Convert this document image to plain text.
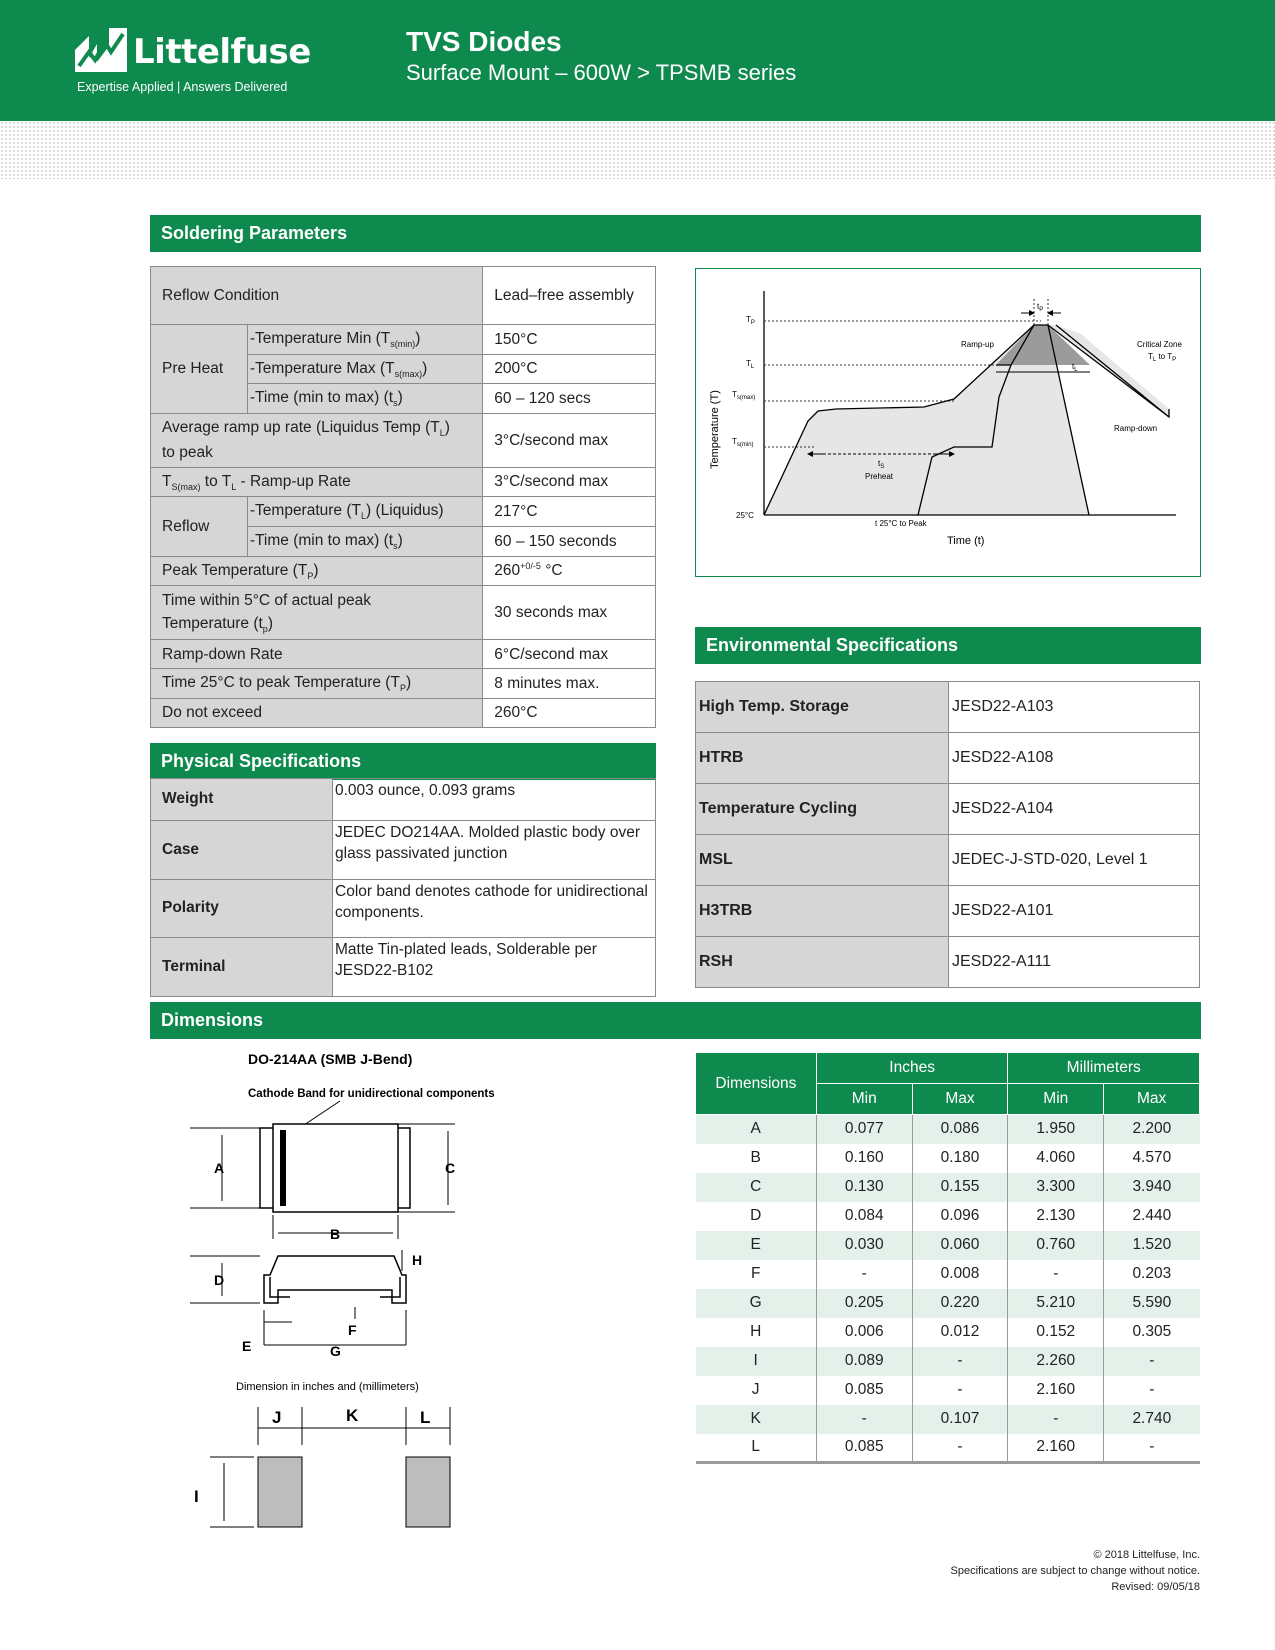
Littelfuse
Expertise Applied | Answers Delivered
TVS Diodes
Surface Mount – 600W > TPSMB series
Soldering Parameters
Reflow Condition		Lead–free assembly
Pre Heat	-Temperature Min $(T_{s(min)})$	150°C
	-Temperature Max $(T_{s(max)})$	200°C
	-Time (min to max) $(t_s)$	60 – 120 secs
Average ramp up rate (Liquidus Temp $(T_L)$
to peak		3°C/second max
$T_{S(max)}$ to $T_L$ - Ramp-up Rate		3°C/second max
Reflow	-Temperature $(T_L)$ (Liquidus)	217°C
	-Time (min to max) $(t_s)$	60 – 150 seconds
Peak Temperature $(T_P)$		$260^{+0/-5}$ °C
Time within 5°C of actual peak
Temperature $(t_p)$		30 seconds max
Ramp-down Rate		6°C/second max
Time 25°C to peak Temperature $(T_P)$		8 minutes max.
Do not exceed		260°C
Temperature (T)
Time (t)
$T_P$
$T_L$
$T_{s(max)}$
$T_{s(min)}$
25°C
Ramp-up
Ramp-down
Critical Zone
$T_L$ to $T_P$
$t_P$
$t_L$
$t_S$
Preheat
t 25°C to Peak
Environmental Specifications
High Temp. Storage	JESD22-A103
HTRB	JESD22-A108
Temperature Cycling	JESD22-A104
MSL	JEDEC-J-STD-020, Level 1
H3TRB	JESD22-A101
RSH	JESD22-A111
Physical Specifications
Weight	0.003 ounce, 0.093 grams
Case	JEDEC DO214AA. Molded plastic body over glass passivated junction
Polarity	Color band denotes cathode for unidirectional components.
Terminal	Matte Tin-plated leads, Solderable per JESD22-B102
Dimensions
DO-214AA (SMB J-Bend)
Cathode Band for unidirectional components
A	C
B
D
H
F
E	G
Dimension in inches and (millimeters)
J	K	L
I
Dimensions	Inches		Millimeters	
	Min	Max	Min	Max
A	0.077	0.086	1.950	2.200
B	0.160	0.180	4.060	4.570
C	0.130	0.155	3.300	3.940
D	0.084	0.096	2.130	2.440
E	0.030	0.060	0.760	1.520
F	-	0.008	-	0.203
G	0.205	0.220	5.210	5.590
H	0.006	0.012	0.152	0.305
I	0.089	-	2.260	-
J	0.085	-	2.160	-
K	-	0.107	-	2.740
L	0.085	-	2.160	-
© 2018 Littelfuse, Inc.
Specifications are subject to change without notice.
Revised: 09/05/18
